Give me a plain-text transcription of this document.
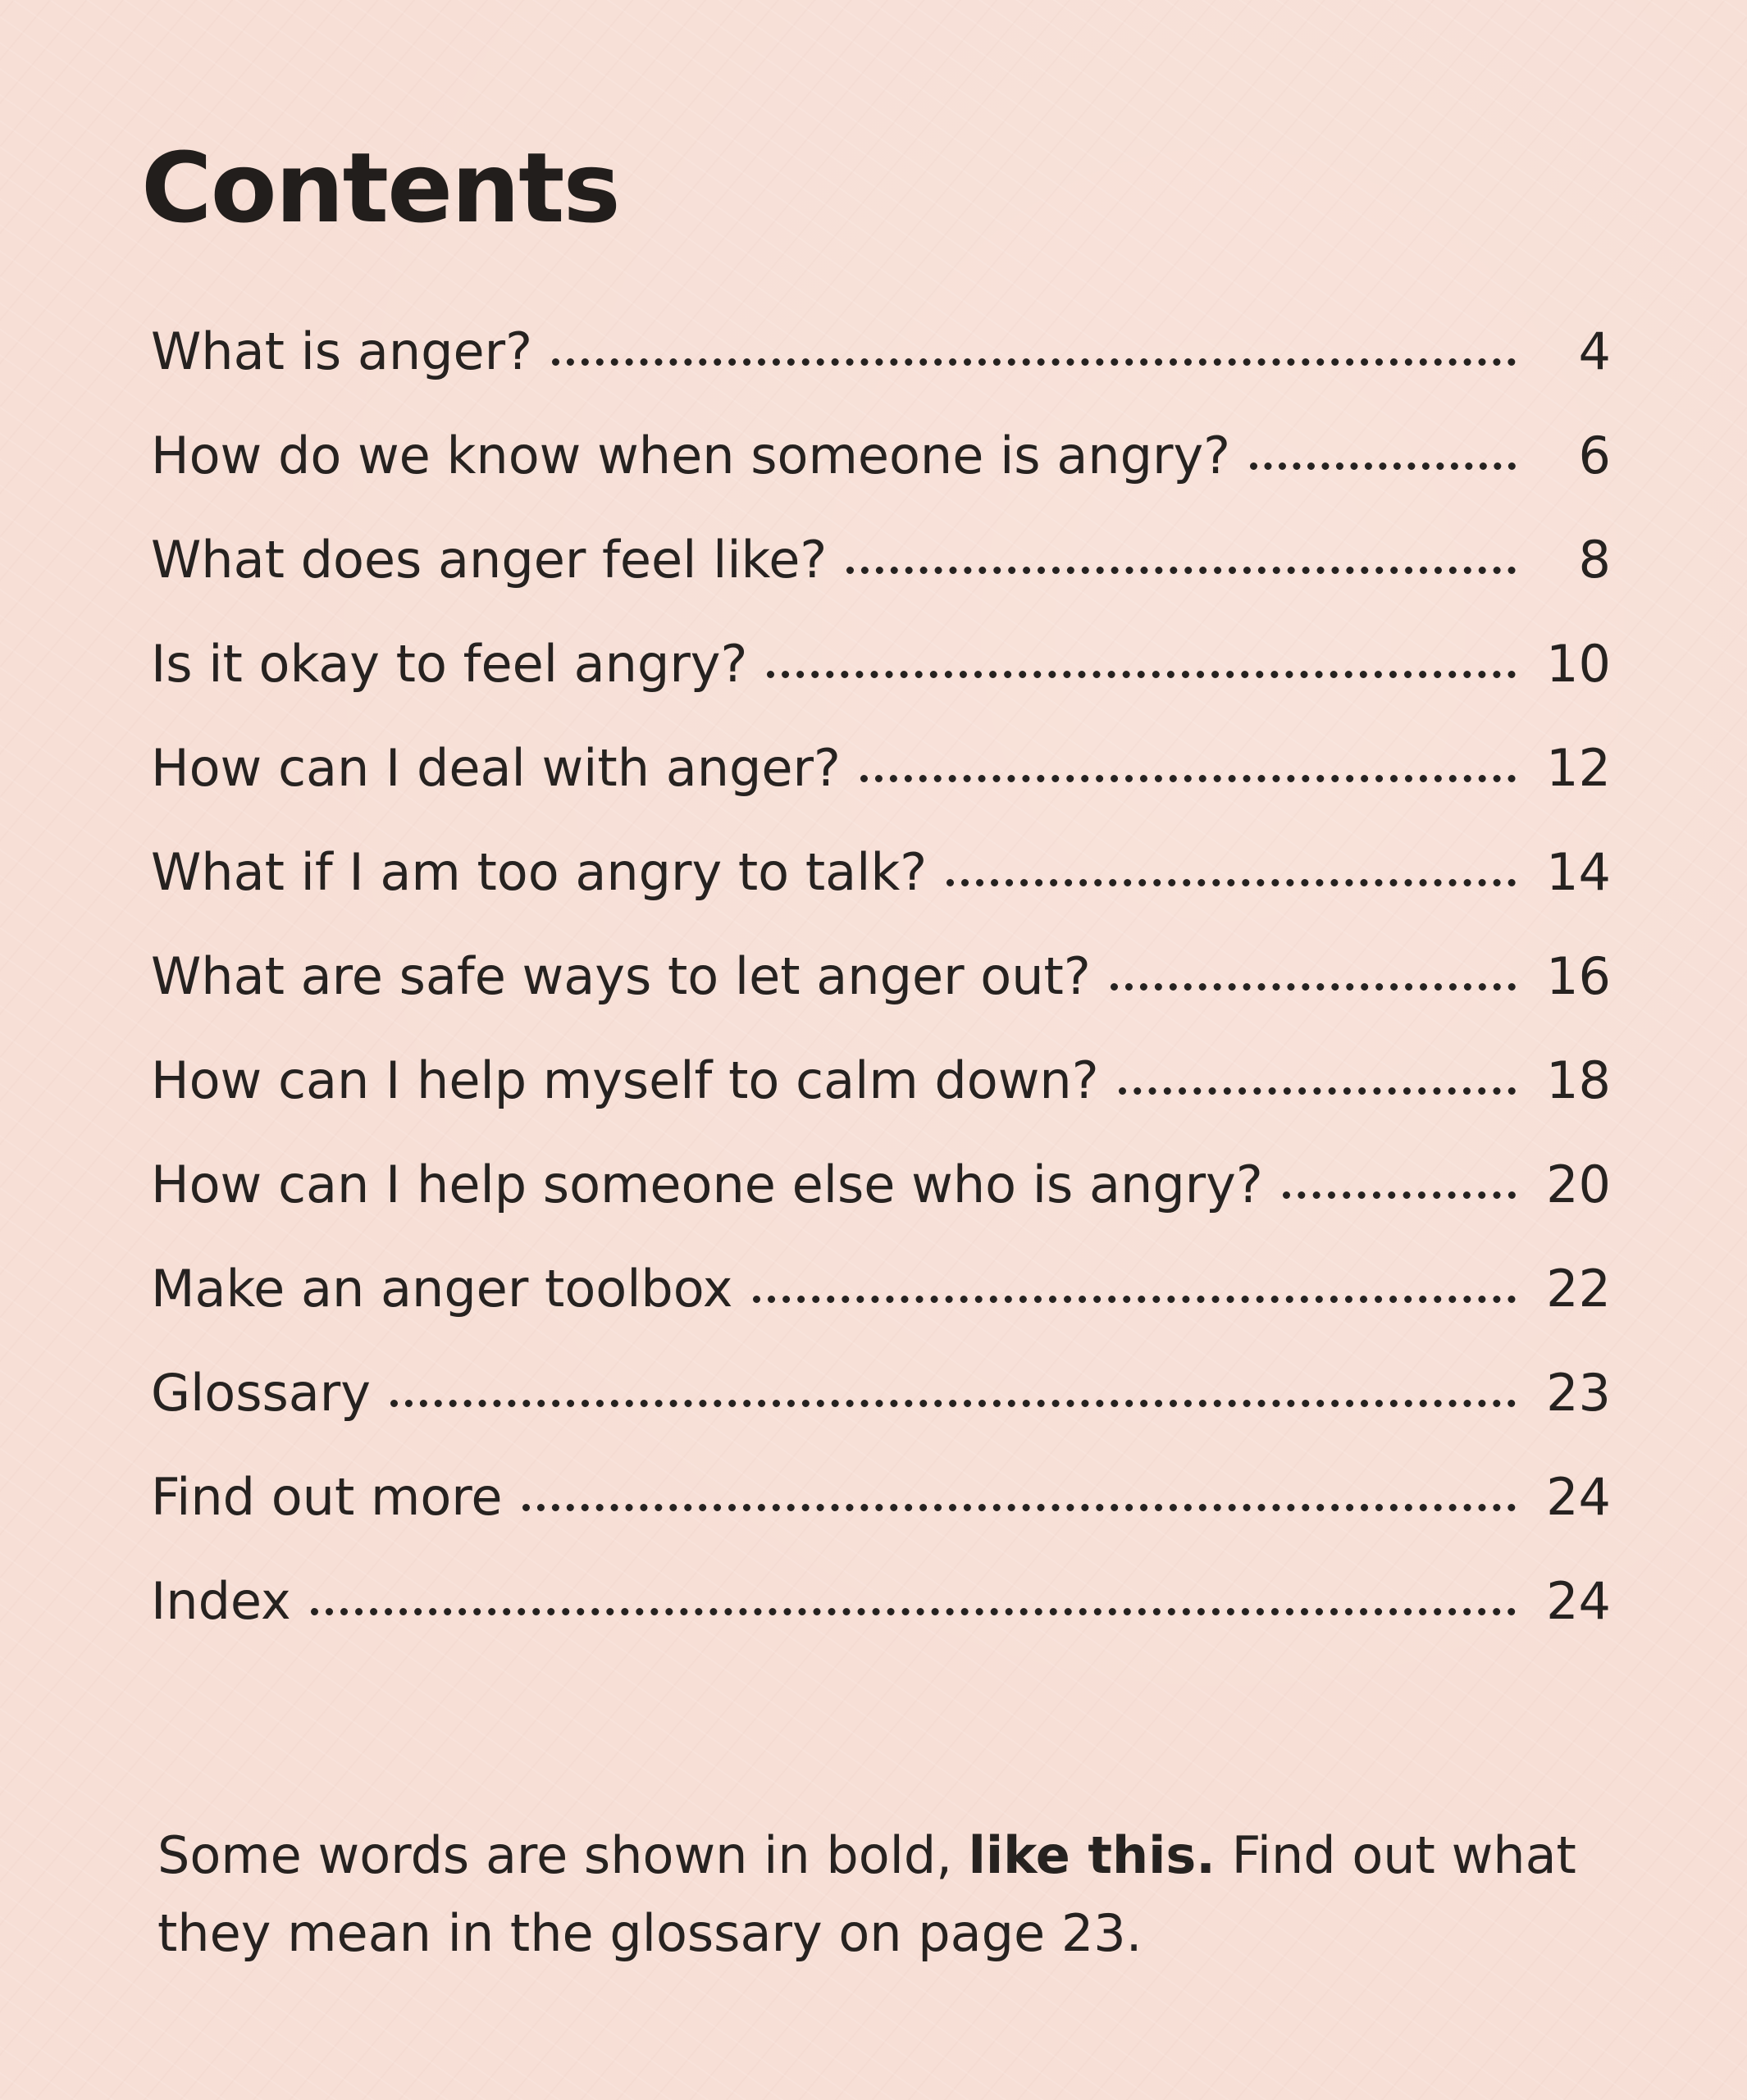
Contents
What is anger?	4
How do we know when someone is angry?	6
What does anger feel like?	8
Is it okay to feel angry?	10
How can I deal with anger?	12
What if I am too angry to talk?	14
What are safe ways to let anger out?	16
How can I help myself to calm down?	18
How can I help someone else who is angry?	20
Make an anger toolbox	22
Glossary	23
Find out more	24
Index	24

Some words are shown in bold, like this. Find out what they mean in the glossary on page 23.
